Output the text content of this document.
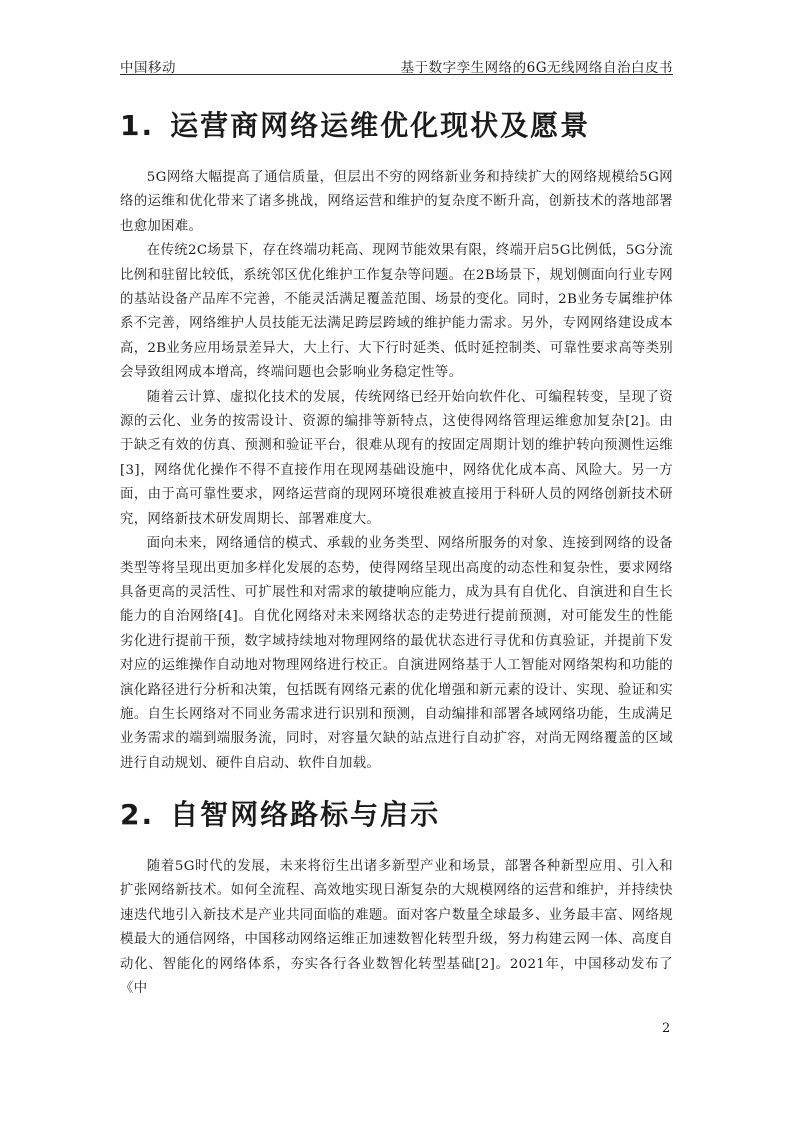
中国移动	基于数字孪生网络的6G无线网络自治白皮书
1. 运营商网络运维优化现状及愿景

5G网络大幅提高了通信质量，但层出不穷的网络新业务和持续扩大的网络规模给5G网络的运维和优化带来了诸多挑战，网络运营和维护的复杂度不断升高，创新技术的落地部署也愈加困难。

在传统2C场景下，存在终端功耗高、现网节能效果有限，终端开启5G比例低，5G分流比例和驻留比较低，系统邻区优化维护工作复杂等问题。在2B场景下，规划侧面向行业专网的基站设备产品库不完善，不能灵活满足覆盖范围、场景的变化。同时，2B业务专属维护体系不完善，网络维护人员技能无法满足跨层跨域的维护能力需求。另外，专网网络建设成本高，2B业务应用场景差异大，大上行、大下行时延类、低时延控制类、可靠性要求高等类别会导致组网成本增高，终端问题也会影响业务稳定性等。

随着云计算、虚拟化技术的发展，传统网络已经开始向软件化、可编程转变，呈现了资源的云化、业务的按需设计、资源的编排等新特点，这使得网络管理运维愈加复杂[2]。由于缺乏有效的仿真、预测和验证平台，很难从现有的按固定周期计划的维护转向预测性运维[3]，网络优化操作不得不直接作用在现网基础设施中，网络优化成本高、风险大。另一方面，由于高可靠性要求，网络运营商的现网环境很难被直接用于科研人员的网络创新技术研究，网络新技术研发周期长、部署难度大。

面向未来，网络通信的模式、承载的业务类型、网络所服务的对象、连接到网络的设备类型等将呈现出更加多样化发展的态势，使得网络呈现出高度的动态性和复杂性，要求网络具备更高的灵活性、可扩展性和对需求的敏捷响应能力，成为具有自优化、自演进和自生长能力的自治网络[4]。自优化网络对未来网络状态的走势进行提前预测，对可能发生的性能劣化进行提前干预，数字域持续地对物理网络的最优状态进行寻优和仿真验证，并提前下发对应的运维操作自动地对物理网络进行校正。自演进网络基于人工智能对网络架构和功能的演化路径进行分析和决策，包括既有网络元素的优化增强和新元素的设计、实现、验证和实施。自生长网络对不同业务需求进行识别和预测，自动编排和部署各域网络功能，生成满足业务需求的端到端服务流，同时，对容量欠缺的站点进行自动扩容，对尚无网络覆盖的区域进行自动规划、硬件自启动、软件自加载。

2. 自智网络路标与启示

随着5G时代的发展，未来将衍生出诸多新型产业和场景，部署各种新型应用、引入和扩张网络新技术。如何全流程、高效地实现日渐复杂的大规模网络的运营和维护，并持续快速迭代地引入新技术是产业共同面临的难题。面对客户数量全球最多、业务最丰富、网络规模最大的通信网络，中国移动网络运维正加速数智化转型升级，努力构建云网一体、高度自动化、智能化的网络体系，夯实各行各业数智化转型基础[2]。2021年，中国移动发布了《中

2
